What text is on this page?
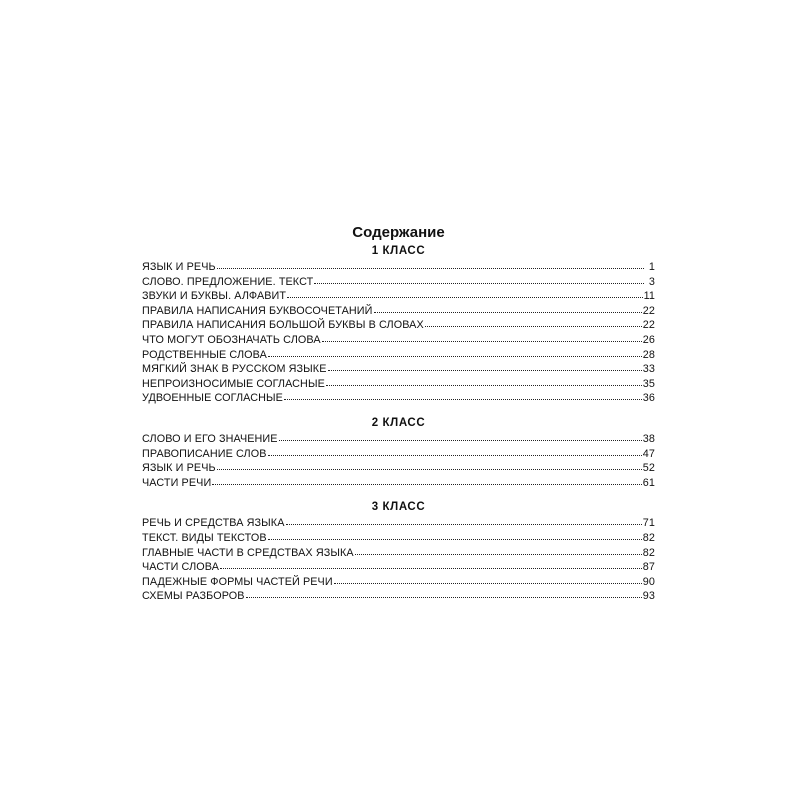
Содержание
1 КЛАСС
ЯЗЫК И РЕЧЬ	1
СЛОВО. ПРЕДЛОЖЕНИЕ. ТЕКСТ	3
ЗВУКИ И БУКВЫ. АЛФАВИТ	11
ПРАВИЛА НАПИСАНИЯ БУКВОСОЧЕТАНИЙ	22
ПРАВИЛА НАПИСАНИЯ БОЛЬШОЙ БУКВЫ В СЛОВАХ	22
ЧТО МОГУТ ОБОЗНАЧАТЬ СЛОВА	26
РОДСТВЕННЫЕ СЛОВА	28
МЯГКИЙ ЗНАК В РУССКОМ ЯЗЫКЕ	33
НЕПРОИЗНОСИМЫЕ СОГЛАСНЫЕ	35
УДВОЕННЫЕ СОГЛАСНЫЕ	36
2 КЛАСС
СЛОВО И ЕГО ЗНАЧЕНИЕ	38
ПРАВОПИСАНИЕ СЛОВ	47
ЯЗЫК И РЕЧЬ	52
ЧАСТИ РЕЧИ	61
3 КЛАСС
РЕЧЬ И СРЕДСТВА ЯЗЫКА	71
ТЕКСТ. ВИДЫ ТЕКСТОВ	82
ГЛАВНЫЕ ЧАСТИ В СРЕДСТВАХ ЯЗЫКА	82
ЧАСТИ СЛОВА	87
ПАДЕЖНЫЕ ФОРМЫ ЧАСТЕЙ РЕЧИ	90
СХЕМЫ РАЗБОРОВ	93
